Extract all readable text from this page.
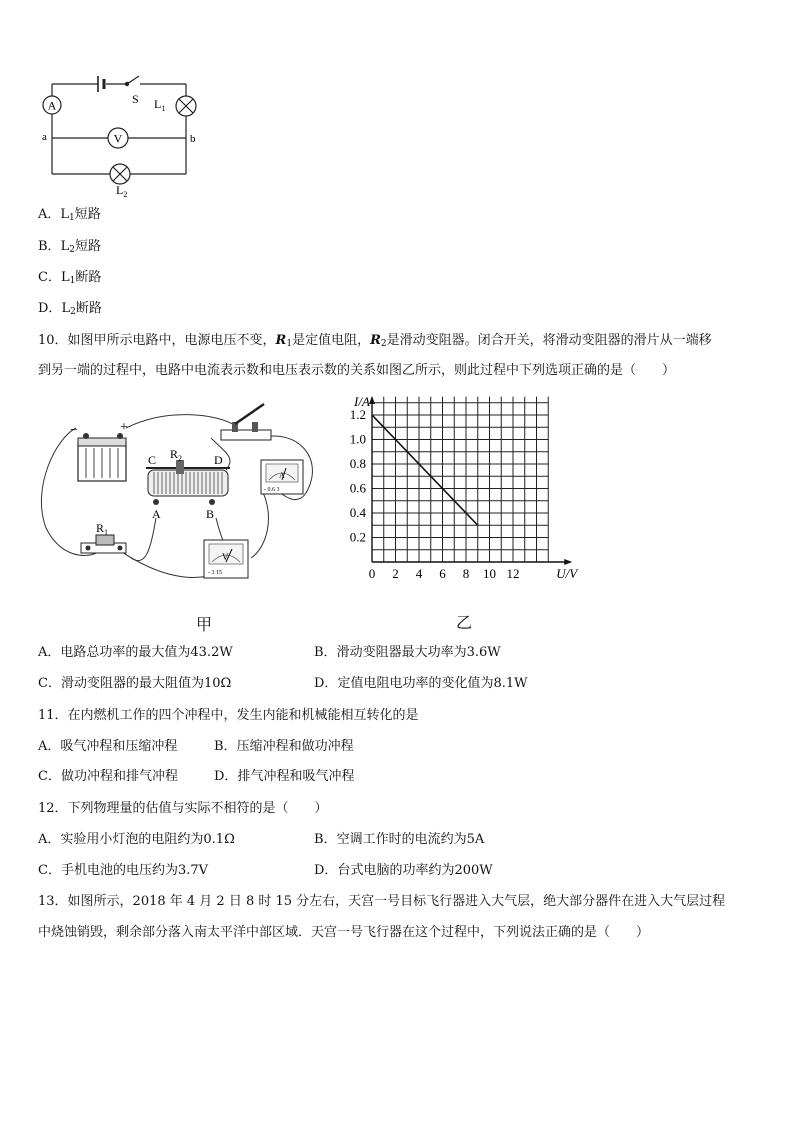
A
V
S $L_1$
$L_2$
a	b
A．$L_1$短路
B．$L_2$短路
C．$L_1$断路
D．$L_2$断路
10．如图甲所示电路中，电源电压不变，$R_1$是定值电阻，$R_2$是滑动变阻器。闭合开关，将滑动变阻器的滑片从一端移
到另一端的过程中，电路中电流表示数和电压表示数的关系如图乙所示，则此过程中下列选项正确的是（　　）
−	+
C $R_2$	D
A	B
A
- 0.6 3
$R_1$
V
- 3 15
甲
0 2 4 6 8 10 12
0.2
0.4
0.6
0.8
1.0
1.2
I/A
U/V
乙
A．电路总功率的最大值为43.2W	B．滑动变阻器最大功率为3.6W
C．滑动变阻器的最大阻值为10Ω	D．定值电阻电功率的变化值为8.1W
11．在内燃机工作的四个冲程中，发生内能和机械能相互转化的是
A．吸气冲程和压缩冲程	B．压缩冲程和做功冲程
C．做功冲程和排气冲程	D．排气冲程和吸气冲程
12．下列物理量的估值与实际不相符的是（　　）
A．实验用小灯泡的电阻约为0.1Ω	B．空调工作时的电流约为5A
C．手机电池的电压约为3.7V	D．台式电脑的功率约为200W
13．如图所示，2018 年 4 月 2 日 8 时 15 分左右，天宫一号目标飞行器进入大气层，绝大部分器件在进入大气层过程
中烧蚀销毁，剩余部分落入南太平洋中部区域．天宫一号飞行器在这个过程中，下列说法正确的是（　　）
